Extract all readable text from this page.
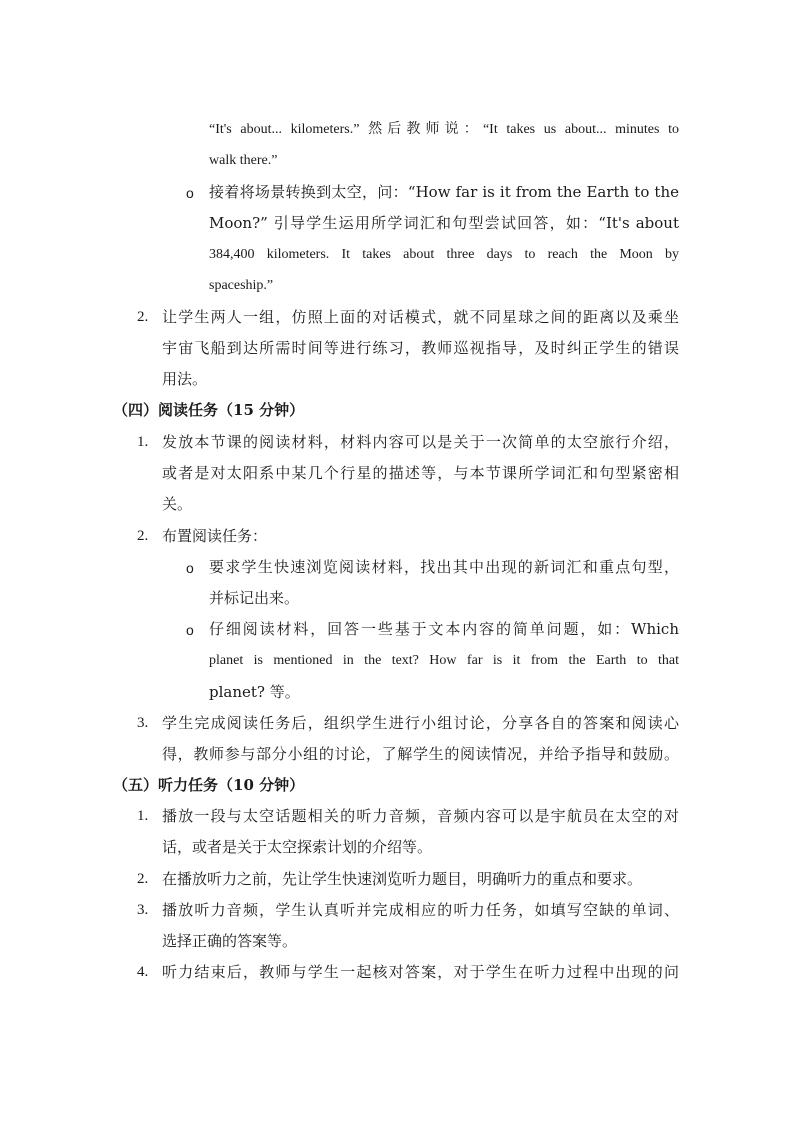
“It's about... kilometers.” 然后教师说：“It takes us about... minutes to
walk there.”
o 接着将场景转换到太空，问：“How far is it from the Earth to the
Moon?” 引导学生运用所学词汇和句型尝试回答，如：“It's about
384,400 kilometers. It takes about three days to reach the Moon by
spaceship.”
2. 让学生两人一组，仿照上面的对话模式，就不同星球之间的距离以及乘坐
宇宙飞船到达所需时间等进行练习，教师巡视指导，及时纠正学生的错误
用法。
（四）阅读任务（15 分钟）
1. 发放本节课的阅读材料，材料内容可以是关于一次简单的太空旅行介绍，
或者是对太阳系中某几个行星的描述等，与本节课所学词汇和句型紧密相
关。
2. 布置阅读任务：
o 要求学生快速浏览阅读材料，找出其中出现的新词汇和重点句型，
并标记出来。
o 仔细阅读材料，回答一些基于文本内容的简单问题，如：Which
planet is mentioned in the text? How far is it from the Earth to that
planet? 等。
3. 学生完成阅读任务后，组织学生进行小组讨论，分享各自的答案和阅读心
得，教师参与部分小组的讨论，了解学生的阅读情况，并给予指导和鼓励。
（五）听力任务（10 分钟）
1. 播放一段与太空话题相关的听力音频，音频内容可以是宇航员在太空的对
话，或者是关于太空探索计划的介绍等。
2. 在播放听力之前，先让学生快速浏览听力题目，明确听力的重点和要求。
3. 播放听力音频，学生认真听并完成相应的听力任务，如填写空缺的单词、
选择正确的答案等。
4. 听力结束后，教师与学生一起核对答案，对于学生在听力过程中出现的问
